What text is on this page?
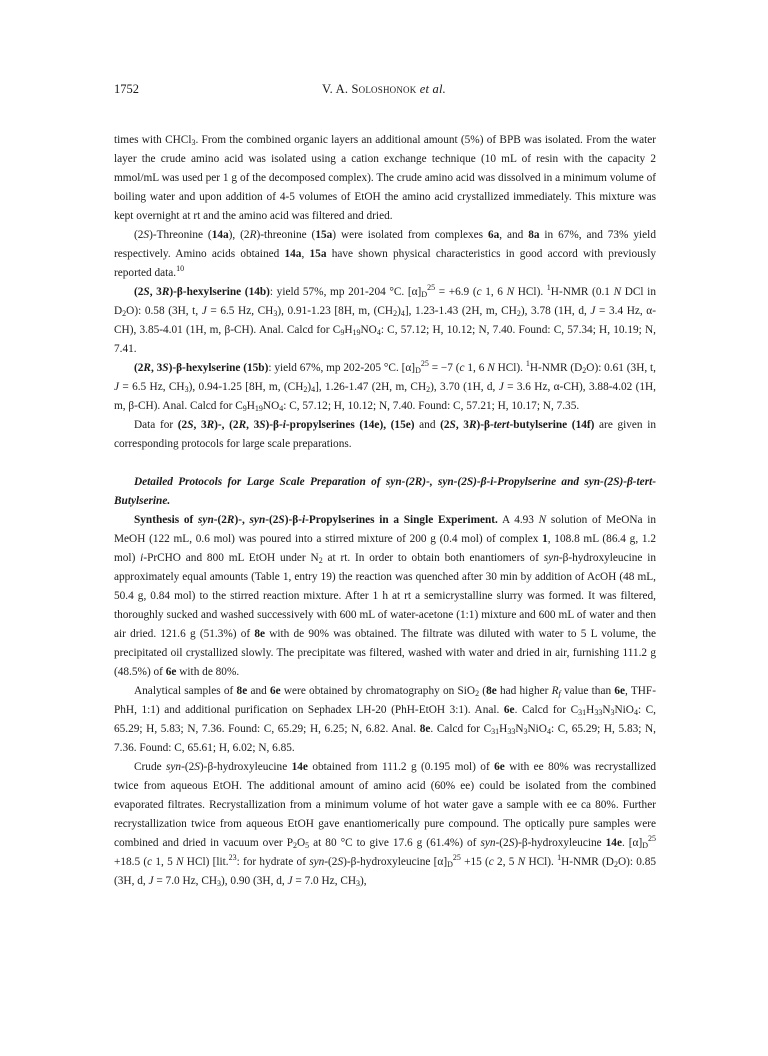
1752	V. A. Soloshonok et al.

times with CHCl$_3$. From the combined organic layers an additional amount (5%) of BPB was isolated. From the water layer the crude amino acid was isolated using a cation exchange technique (10 mL of resin with the capacity 2 mmol/mL was used per 1 g of the decomposed complex). The crude amino acid was dissolved in a minimum volume of boiling water and upon addition of 4-5 volumes of EtOH the amino acid crystallized immediately. This mixture was kept overnight at rt and the amino acid was filtered and dried.

(2S)-Threonine (14a), (2R)-threonine (15a) were isolated from complexes 6a, and 8a in 67%, and 73% yield respectively. Amino acids obtained 14a, 15a have shown physical characteristics in good accord with previously reported data.$^{10}$

(2S, 3R)-β-hexylserine (14b): yield 57%, mp 201-204 °C. $[\alpha]_D^{25} = +6.9$ (c 1, 6 N HCl). $^1$H-NMR (0.1 N DCl in $D_2O$): 0.58 (3H, t, J = 6.5 Hz, $CH_3$), 0.91-1.23 [8H, m, $(CH_2)_4$], 1.23-1.43 (2H, m, $CH_2$), 3.78 (1H, d, J = 3.4 Hz, α-CH), 3.85-4.01 (1H, m, β-CH). Anal. Calcd for $C_9H_{19}NO_4$: C, 57.12; H, 10.12; N, 7.40. Found: C, 57.34; H, 10.19; N, 7.41.

(2R, 3S)-β-hexylserine (15b): yield 67%, mp 202-205 °C. $[\alpha]_D^{25} = -7$ (c 1, 6 N HCl). $^1$H-NMR $(D_2O)$: 0.61 (3H, t, J = 6.5 Hz, $CH_3$), 0.94-1.25 [8H, m, $(CH_2)_4$], 1.26-1.47 (2H, m, $CH_2$), 3.70 (1H, d, J = 3.6 Hz, α-CH), 3.88-4.02 (1H, m, β-CH). Anal. Calcd for $C_9H_{19}NO_4$: C, 57.12; H, 10.12; N, 7.40. Found: C, 57.21; H, 10.17; N, 7.35.

Data for (2S, 3R)-, (2R, 3S)-β-i-propylserines (14e), (15e) and (2S, 3R)-β-tert-butylserine (14f) are given in corresponding protocols for large scale preparations.

Detailed Protocols for Large Scale Preparation of syn-(2R)-, syn-(2S)-β-i-Propylserine and syn-(2S)-β-tert-Butylserine.

Synthesis of syn-(2R)-, syn-(2S)-β-i-Propylserines in a Single Experiment. A 4.93 N solution of MeONa in MeOH (122 mL, 0.6 mol) was poured into a stirred mixture of 200 g (0.4 mol) of complex 1, 108.8 mL (86.4 g, 1.2 mol) i-PrCHO and 800 mL EtOH under $N_2$ at rt. In order to obtain both enantiomers of syn-β-hydroxyleucine in approximately equal amounts (Table 1, entry 19) the reaction was quenched after 30 min by addition of AcOH (48 mL, 50.4 g, 0.84 mol) to the stirred reaction mixture. After 1 h at rt a semicrystalline slurry was formed. It was filtered, thoroughly sucked and washed successively with 600 mL of water-acetone (1:1) mixture and 600 mL of water and then air dried. 121.6 g (51.3%) of 8e with de 90% was obtained. The filtrate was diluted with water to 5 L volume, the precipitated oil crystallized slowly. The precipitate was filtered, washed with water and dried in air, furnishing 111.2 g (48.5%) of 6e with de 80%.

Analytical samples of 8e and 6e were obtained by chromatography on SiO$_2$ (8e had higher $R_f$ value than 6e, THF-PhH, 1:1) and additional purification on Sephadex LH-20 (PhH-EtOH 3:1). Anal. 6e. Calcd for $C_{31}H_{33}N_3NiO_4$: C, 65.29; H, 5.83; N, 7.36. Found: C, 65.29; H, 6.25; N, 6.82. Anal. 8e. Calcd for $C_{31}H_{33}N_3NiO_4$: C, 65.29; H, 5.83; N, 7.36. Found: C, 65.61; H, 6.02; N, 6.85.

Crude syn-(2S)-β-hydroxyleucine 14e obtained from 111.2 g (0.195 mol) of 6e with ee 80% was recrystallized twice from aqueous EtOH. The additional amount of amino acid (60% ee) could be isolated from the combined evaporated filtrates. Recrystallization from a minimum volume of hot water gave a sample with ee ca 80%. Further recrystallization twice from aqueous EtOH gave enantiomerically pure compound. The optically pure samples were combined and dried in vacuum over $P_2O_5$ at 80 °C to give 17.6 g (61.4%) of syn-(2S)-β-hydroxyleucine 14e. $[\alpha]_D^{25} +18.5$ (c 1, 5 N HCl) [lit.$^{23}$: for hydrate of syn-(2S)-β-hydroxyleucine $[\alpha]_D^{25} +15$ (c 2, 5 N HCl). $^1$H-NMR $(D_2O)$: 0.85 (3H, d, J = 7.0 Hz, $CH_3$), 0.90 (3H, d, J = 7.0 Hz, $CH_3$),
